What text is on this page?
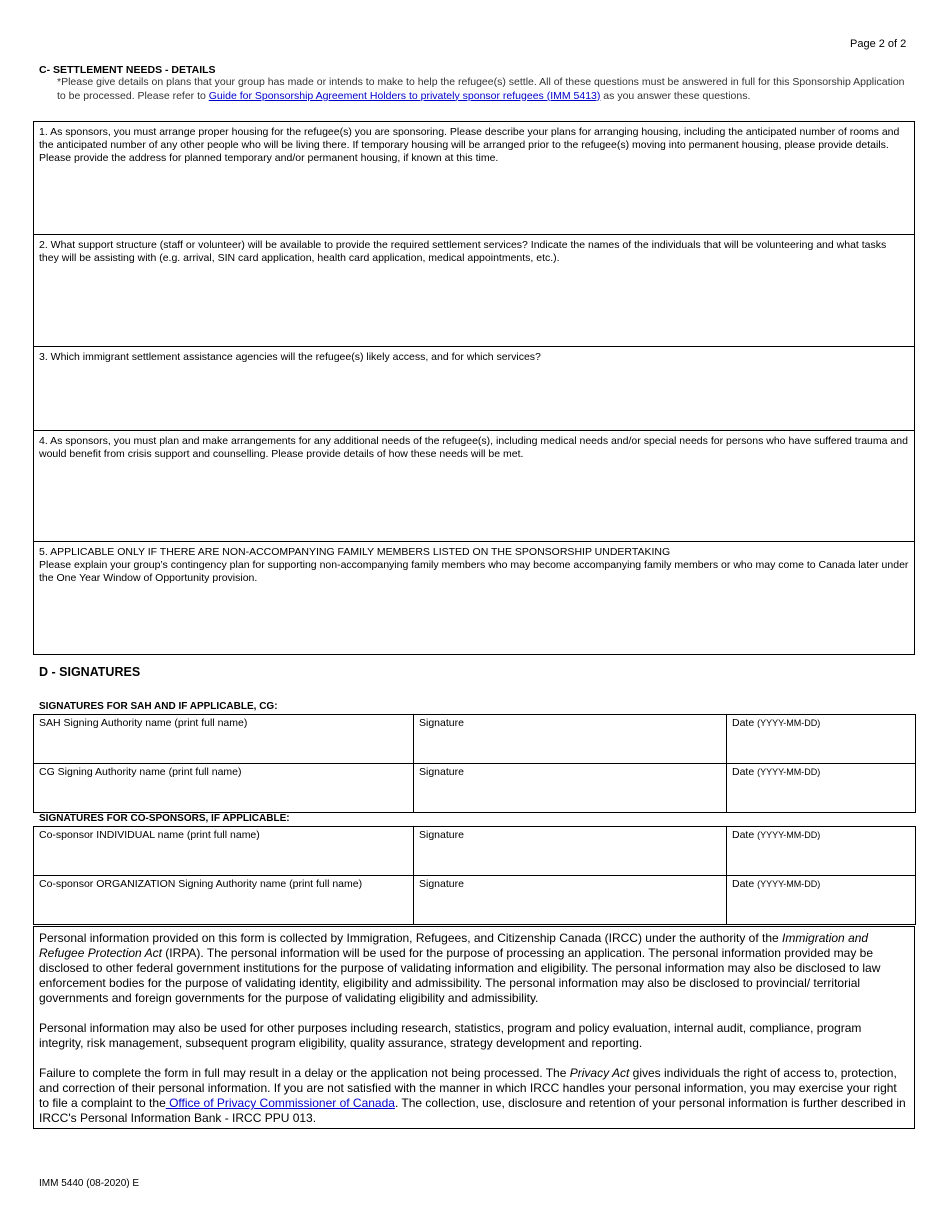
Page 2 of 2
C- SETTLEMENT NEEDS - DETAILS
*Please give details on plans that your group has made or intends to make to help the refugee(s) settle. All of these questions must be answered in full for this Sponsorship Application to be processed. Please refer to Guide for Sponsorship Agreement Holders to privately sponsor refugees (IMM 5413) as you answer these questions.
1. As sponsors, you must arrange proper housing for the refugee(s) you are sponsoring. Please describe your plans for arranging housing, including the anticipated number of rooms and the anticipated number of any other people who will be living there. If temporary housing will be arranged prior to the refugee(s) moving into permanent housing, please provide details. Please provide the address for planned temporary and/or permanent housing, if known at this time.
2. What support structure (staff or volunteer) will be available to provide the required settlement services? Indicate the names of the individuals that will be volunteering and what tasks they will be assisting with (e.g. arrival, SIN card application, health card application, medical appointments, etc.).
3. Which immigrant settlement assistance agencies will the refugee(s) likely access, and for which services?
4. As sponsors, you must plan and make arrangements for any additional needs of the refugee(s), including medical needs and/or special needs for persons who have suffered trauma and would benefit from crisis support and counselling. Please provide details of how these needs will be met.
5. APPLICABLE ONLY IF THERE ARE NON-ACCOMPANYING FAMILY MEMBERS LISTED ON THE SPONSORSHIP UNDERTAKING
Please explain your group’s contingency plan for supporting non-accompanying family members who may become accompanying family members or who may come to Canada later under the One Year Window of Opportunity provision.
D - SIGNATURES
SIGNATURES FOR SAH AND IF APPLICABLE, CG:
SAH Signing Authority name (print full name)	Signature	Date (YYYY-MM-DD)

CG Signing Authority name (print full name)	Signature	Date (YYYY-MM-DD)
SIGNATURES FOR CO-SPONSORS, IF APPLICABLE:
Co-sponsor INDIVIDUAL name (print full name)	Signature	Date (YYYY-MM-DD)

Co-sponsor ORGANIZATION Signing Authority name (print full name)	Signature	Date (YYYY-MM-DD)

Personal information provided on this form is collected by Immigration, Refugees, and Citizenship Canada (IRCC) under the authority of the Immigration and Refugee Protection Act (IRPA). The personal information will be used for the purpose of processing an application. The personal information provided may be disclosed to other federal government institutions for the purpose of validating information and eligibility. The personal information may also be disclosed to law enforcement bodies for the purpose of validating identity, eligibility and admissibility. The personal information may also be disclosed to provincial/ territorial governments and foreign governments for the purpose of validating eligibility and admissibility.

Personal information may also be used for other purposes including research, statistics, program and policy evaluation, internal audit, compliance, program integrity, risk management, subsequent program eligibility, quality assurance, strategy development and reporting.

Failure to complete the form in full may result in a delay or the application not being processed. The Privacy Act gives individuals the right of access to, protection, and correction of their personal information. If you are not satisfied with the manner in which IRCC handles your personal information, you may exercise your right to file a complaint to the Office of Privacy Commissioner of Canada. The collection, use, disclosure and retention of your personal information is further described in IRCC's Personal Information Bank - IRCC PPU 013.

IMM 5440 (08-2020) E
